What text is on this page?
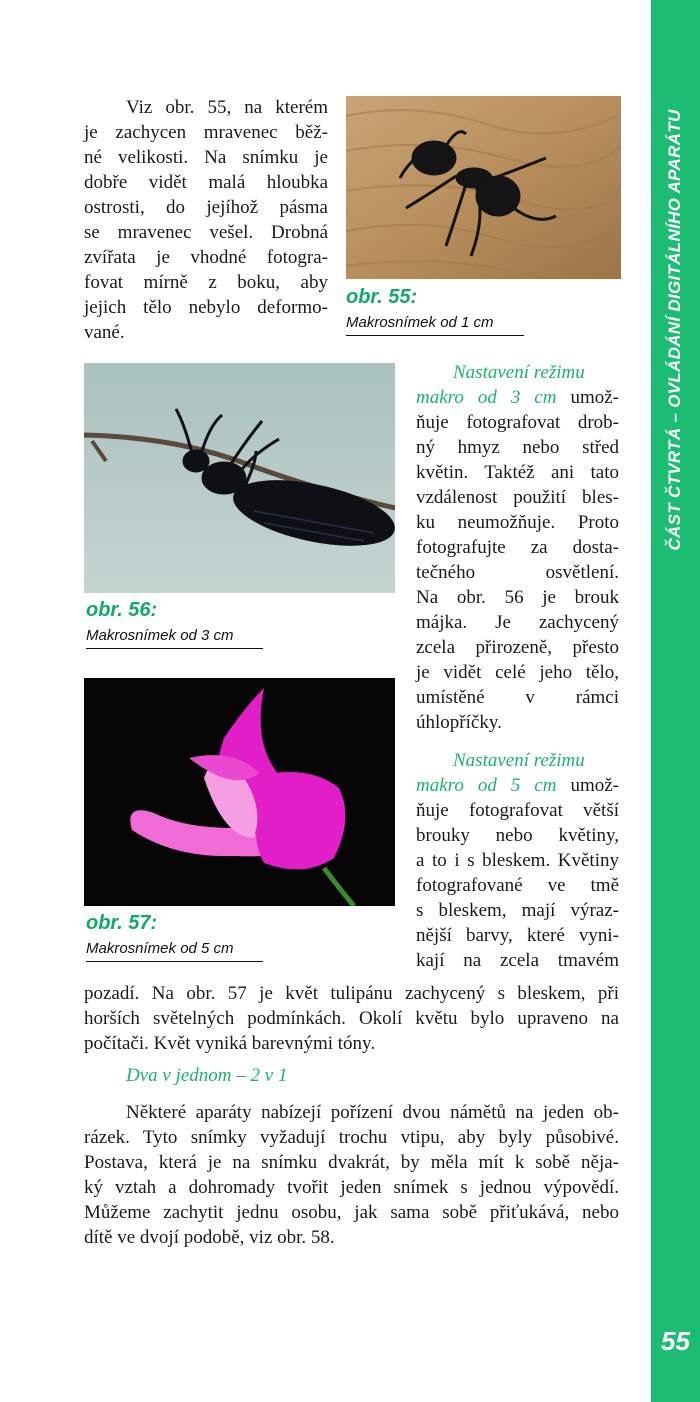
ČÁST ČTVRTÁ – OVLÁDÁNÍ DIGITÁLNÍHO APARÁTU
55
Viz obr. 55, na kterém
je zachycen mravenec běž-
né velikosti. Na snímku je
dobře vidět malá hloubka
ostrosti, do jejíhož pásma
se mravenec vešel. Drobná
zvířata je vhodné fotogra-
fovat mírně z boku, aby
jejich tělo nebylo deformo-
vané.
obr. 55:
Makrosnímek od 1 cm
obr. 56:
Makrosnímek od 3 cm
obr. 57:
Makrosnímek od 5 cm
Nastavení režimu
makro od 3 cm umož-
ňuje fotografovat drob-
ný hmyz nebo střed
květin. Taktéž ani tato
vzdálenost použití bles-
ku neumožňuje. Proto
fotografujte za dosta-
tečného osvětlení.
Na obr. 56 je brouk
májka. Je zachycený
zcela přirozeně, přesto
je vidět celé jeho tělo,
umístěné v rámci
úhlopříčky.
Nastavení režimu
makro od 5 cm umož-
ňuje fotografovat větší
brouky nebo květiny,
a to i s bleskem. Květiny
fotografované ve tmě
s bleskem, mají výraz-
nější barvy, které vyni-
kají na zcela tmavém
pozadí. Na obr. 57 je květ tulipánu zachycený s bleskem, při
horších světelných podmínkách. Okolí květu bylo upraveno na
počítači. Květ vyniká barevnými tóny.
Dva v jednom – 2 v 1
Některé aparáty nabízejí pořízení dvou námětů na jeden ob-
rázek. Tyto snímky vyžadují trochu vtipu, aby byly působivé.
Postava, která je na snímku dvakrát, by měla mít k sobě něja-
ký vztah a dohromady tvořit jeden snímek s jednou výpovědí.
Můžeme zachytit jednu osobu, jak sama sobě přiťukává, nebo
dítě ve dvojí podobě, viz obr. 58.
